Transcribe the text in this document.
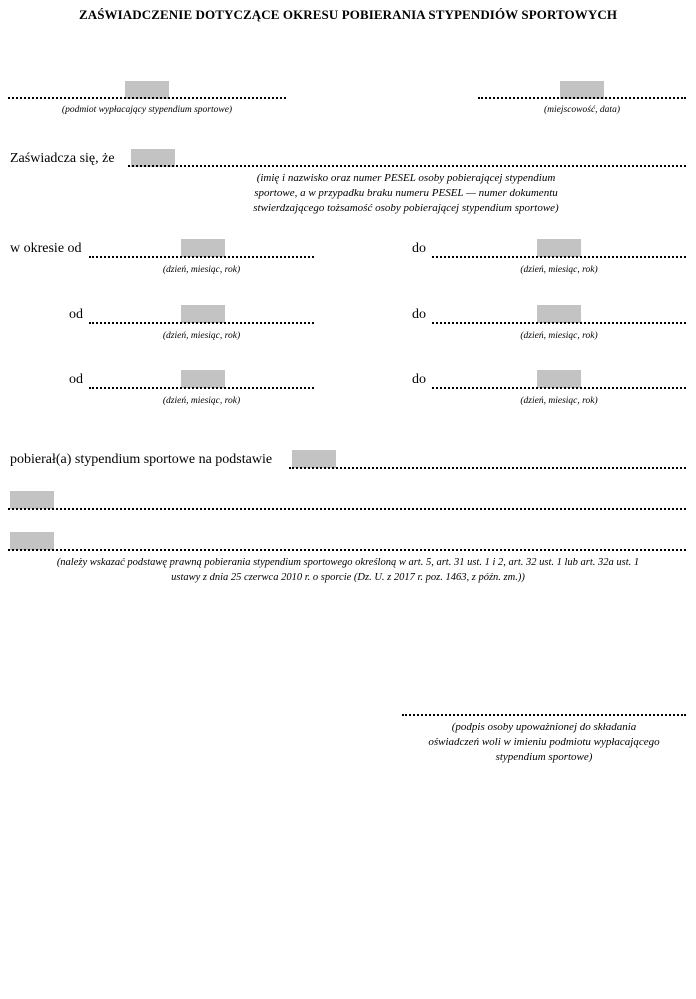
ZAŚWIADCZENIE DOTYCZĄCE OKRESU POBIERANIA STYPENDIÓW SPORTOWYCH
(podmiot wypłacający stypendium sportowe)	(miejscowość, data)
Zaświadcza się, że
(imię i nazwisko oraz numer PESEL osoby pobierającej stypendium
sportowe, a w przypadku braku numeru PESEL — numer dokumentu
stwierdzającego tożsamość osoby pobierającej stypendium sportowe)
w okresie od
(dzień, miesiąc, rok)
do
(dzień, miesiąc, rok)
od
(dzień, miesiąc, rok)
do
(dzień, miesiąc, rok)
od
(dzień, miesiąc, rok)
do
(dzień, miesiąc, rok)
pobierał(a) stypendium sportowe na podstawie
(należy wskazać podstawę prawną pobierania stypendium sportowego określoną w art. 5, art. 31 ust. 1 i 2, art. 32 ust. 1 lub art. 32a ust. 1
ustawy z dnia 25 czerwca 2010 r. o sporcie (Dz. U. z 2017 r. poz. 1463, z późn. zm.))
(podpis osoby upoważnionej do składania
oświadczeń woli w imieniu podmiotu wypłacającego
stypendium sportowe)
